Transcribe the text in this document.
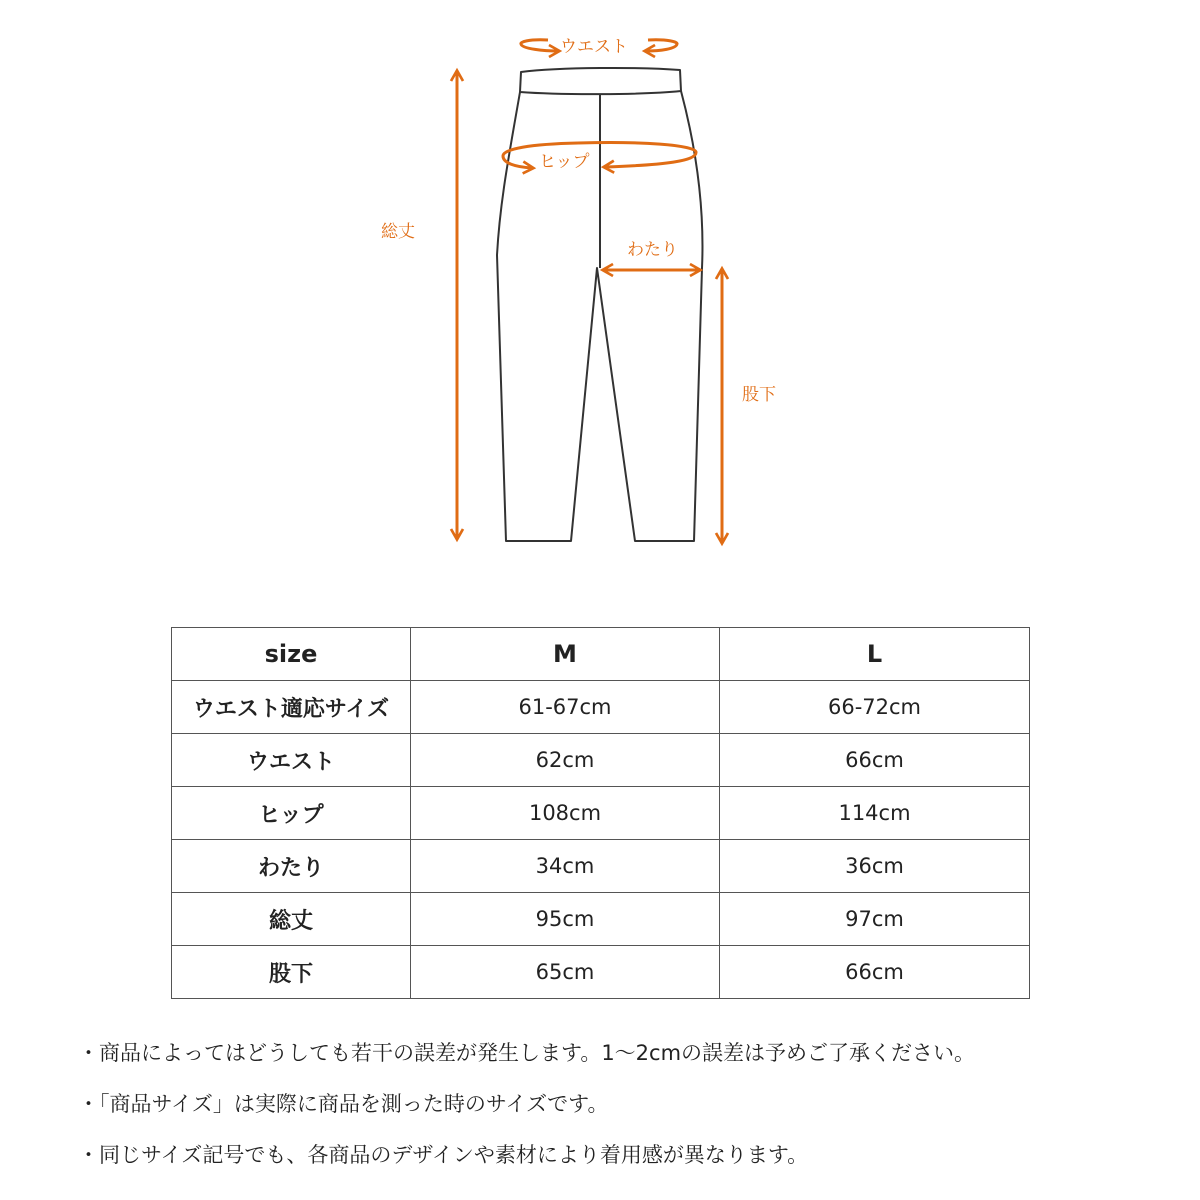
ウエスト
ヒップ
わたり
総丈
股下
size	M	L
ウエスト適応サイズ	61-67cm	66-72cm
ウエスト	62cm	66cm
ヒップ	108cm	114cm
わたり	34cm	36cm
総丈	95cm	97cm
股下	65cm	66cm
・商品によってはどうしても若干の誤差が発生します。1〜2cmの誤差は予めご了承ください。
・「商品サイズ」は実際に商品を測った時のサイズです。
・同じサイズ記号でも、各商品のデザインや素材により着用感が異なります。
